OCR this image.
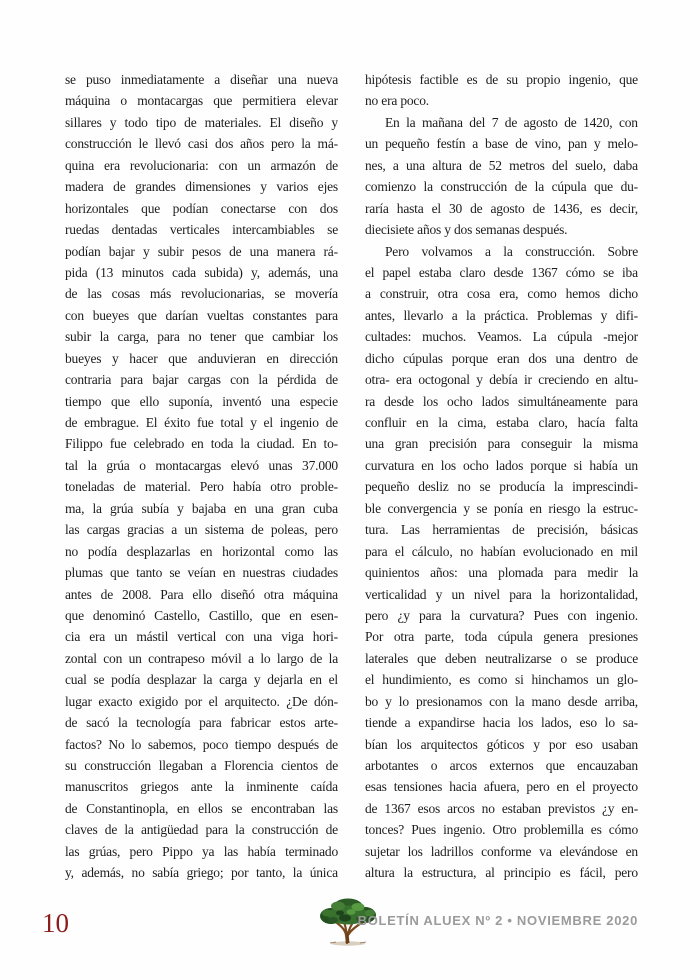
se puso inmediatamente a diseñar una nueva
máquina o montacargas que permitiera elevar
sillares y todo tipo de materiales. El diseño y
construcción le llevó casi dos años pero la má-
quina era revolucionaria: con un armazón de
madera de grandes dimensiones y varios ejes
horizontales que podían conectarse con dos
ruedas dentadas verticales intercambiables se
podían bajar y subir pesos de una manera rá-
pida (13 minutos cada subida) y, además, una
de las cosas más revolucionarias, se movería
con bueyes que darían vueltas constantes para
subir la carga, para no tener que cambiar los
bueyes y hacer que anduvieran en dirección
contraria para bajar cargas con la pérdida de
tiempo que ello suponía, inventó una especie
de embrague. El éxito fue total y el ingenio de
Filippo fue celebrado en toda la ciudad. En to-
tal la grúa o montacargas elevó unas 37.000
toneladas de material. Pero había otro proble-
ma, la grúa subía y bajaba en una gran cuba
las cargas gracias a un sistema de poleas, pero
no podía desplazarlas en horizontal como las
plumas que tanto se veían en nuestras ciudades
antes de 2008. Para ello diseñó otra máquina
que denominó Castello, Castillo, que en esen-
cia era un mástil vertical con una viga hori-
zontal con un contrapeso móvil a lo largo de la
cual se podía desplazar la carga y dejarla en el
lugar exacto exigido por el arquitecto. ¿De dón-
de sacó la tecnología para fabricar estos arte-
factos? No lo sabemos, poco tiempo después de
su construcción llegaban a Florencia cientos de
manuscritos griegos ante la inminente caída
de Constantinopla, en ellos se encontraban las
claves de la antigüedad para la construcción de
las grúas, pero Pippo ya las había terminado
y, además, no sabía griego; por tanto, la única
hipótesis factible es de su propio ingenio, que
no era poco.
En la mañana del 7 de agosto de 1420, con
un pequeño festín a base de vino, pan y melo-
nes, a una altura de 52 metros del suelo, daba
comienzo la construcción de la cúpula que du-
raría hasta el 30 de agosto de 1436, es decir,
diecisiete años y dos semanas después.
Pero volvamos a la construcción. Sobre
el papel estaba claro desde 1367 cómo se iba
a construir, otra cosa era, como hemos dicho
antes, llevarlo a la práctica. Problemas y difi-
cultades: muchos. Veamos. La cúpula -mejor
dicho cúpulas porque eran dos una dentro de
otra- era octogonal y debía ir creciendo en altu-
ra desde los ocho lados simultáneamente para
confluir en la cima, estaba claro, hacía falta
una gran precisión para conseguir la misma
curvatura en los ocho lados porque si había un
pequeño desliz no se producía la imprescindi-
ble convergencia y se ponía en riesgo la estruc-
tura. Las herramientas de precisión, básicas
para el cálculo, no habían evolucionado en mil
quinientos años: una plomada para medir la
verticalidad y un nivel para la horizontalidad,
pero ¿y para la curvatura? Pues con ingenio.
Por otra parte, toda cúpula genera presiones
laterales que deben neutralizarse o se produce
el hundimiento, es como si hinchamos un glo-
bo y lo presionamos con la mano desde arriba,
tiende a expandirse hacia los lados, eso lo sa-
bían los arquitectos góticos y por eso usaban
arbotantes o arcos externos que encauzaban
esas tensiones hacia afuera, pero en el proyecto
de 1367 esos arcos no estaban previstos ¿y en-
tonces? Pues ingenio. Otro problemilla es cómo
sujetar los ladrillos conforme va elevándose en
altura la estructura, al principio es fácil, pero
10	BOLETÍN ALUEX Nº 2 • NOVIEMBRE 2020
